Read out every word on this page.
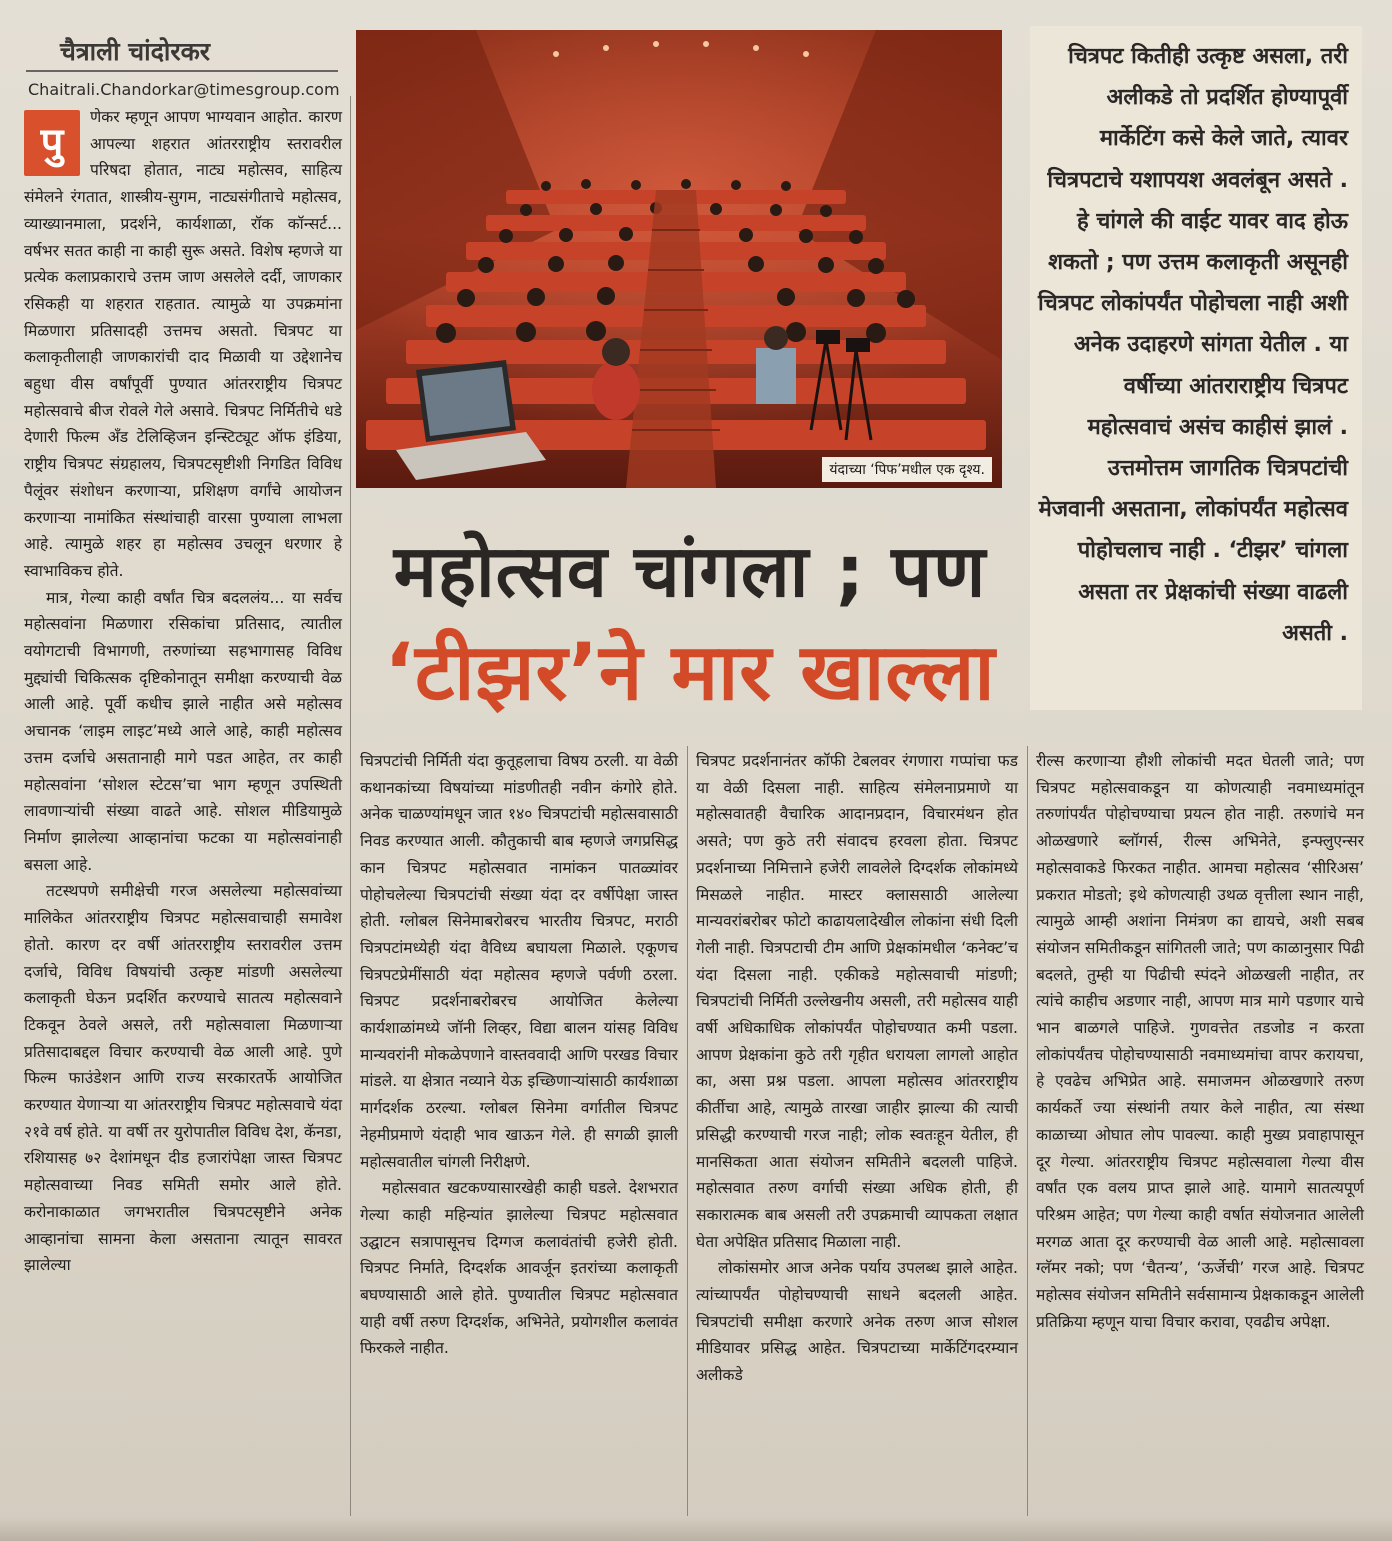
चैत्राली चांदोरकर
Chaitrali.Chandorkar@timesgroup.com
यंदाच्या ‘पिफ’मधील एक दृश्य.
चित्रपट कितीही उत्कृष्ट असला, तरी अलीकडे तो प्रदर्शित होण्यापूर्वी मार्केटिंग कसे केले जाते, त्यावर चित्रपटाचे यशापयश अवलंबून असते . हे चांगले की वाईट यावर वाद होऊ शकतो ; पण उत्तम कलाकृती असूनही चित्रपट लोकांपर्यंत पोहोचला नाही अशी अनेक उदाहरणे सांगता येतील . या वर्षीच्या आंतराराष्ट्रीय चित्रपट महोत्सवाचं असंच काहीसं झालं . उत्तमोत्तम जागतिक चित्रपटांची मेजवानी असताना, लोकांपर्यंत महोत्सव पोहोचलाच नाही . ‘टीझर’ चांगला असता तर प्रेक्षकांची संख्या वाढली असती .
महोत्सव चांगला ; पण
‘टीझर’ने मार खाल्ला

पु
णेकर म्हणून आपण भाग्यवान आहोत. कारण आपल्या शहरात आंतरराष्ट्रीय स्तरावरील परिषदा होतात, नाट्य महोत्सव, साहित्य संमेलने रंगतात, शास्त्रीय-सुगम, नाट्यसंगीताचे महोत्सव, व्याख्यानमाला, प्रदर्शने, कार्यशाळा, रॉक कॉन्सर्ट... वर्षभर सतत काही ना काही सुरू असते. विशेष म्हणजे या प्रत्येक कलाप्रकाराचे उत्तम जाण असलेले दर्दी, जाणकार रसिकही या शहरात राहतात. त्यामुळे या उपक्रमांना मिळणारा प्रतिसादही उत्तमच असतो. चित्रपट या कलाकृतीलाही जाणकारांची दाद मिळावी या उद्देशानेच बहुधा वीस वर्षांपूर्वी पुण्यात आंतरराष्ट्रीय चित्रपट महोत्सवाचे बीज रोवले गेले असावे. चित्रपट निर्मितीचे धडे देणारी फिल्म अँड टेलिव्हिजन इन्स्टिट्यूट ऑफ इंडिया, राष्ट्रीय चित्रपट संग्रहालय, चित्रपटसृष्टीशी निगडित विविध पैलूंवर संशोधन करणाऱ्या, प्रशिक्षण वर्गांचे आयोजन करणाऱ्या नामांकित संस्थांचाही वारसा पुण्याला लाभला आहे. त्यामुळे शहर हा महोत्सव उचलून धरणार हे स्वाभाविकच होते.

मात्र, गेल्या काही वर्षांत चित्र बदललंय... या सर्वच महोत्सवांना मिळणारा रसिकांचा प्रतिसाद, त्यातील वयोगटाची विभागणी, तरुणांच्या सहभागासह विविध मुद्द्यांची चिकित्सक दृष्टिकोनातून समीक्षा करण्याची वेळ आली आहे. पूर्वी कधीच झाले नाहीत असे महोत्सव अचानक ‘लाइम लाइट’मध्ये आले आहे, काही महोत्सव उत्तम दर्जाचे असतानाही मागे पडत आहेत, तर काही महोत्सवांना ‘सोशल स्टेटस’चा भाग म्हणून उपस्थिती लावणाऱ्यांची संख्या वाढते आहे. सोशल मीडियामुळे निर्माण झालेल्या आव्हानांचा फटका या महोत्सवांनाही बसला आहे.

तटस्थपणे समीक्षेची गरज असलेल्या महोत्सवांच्या मालिकेत आंतरराष्ट्रीय चित्रपट महोत्सवाचाही समावेश होतो. कारण दर वर्षी आंतरराष्ट्रीय स्तरावरील उत्तम दर्जाचे, विविध विषयांची उत्कृष्ट मांडणी असलेल्या कलाकृती घेऊन प्रदर्शित करण्याचे सातत्य महोत्सवाने टिकवून ठेवले असले, तरी महोत्सवाला मिळणाऱ्या प्रतिसादाबद्दल विचार करण्याची वेळ आली आहे. पुणे फिल्म फाउंडेशन आणि राज्य सरकारतर्फे आयोजित करण्यात येणाऱ्या या आंतरराष्ट्रीय चित्रपट महोत्सवाचे यंदा २१वे वर्ष होते. या वर्षी तर युरोपातील विविध देश, कॅनडा, रशियासह ७२ देशांमधून दीड हजारांपेक्षा जास्त चित्रपट महोत्सवाच्या निवड समिती समोर आले होते. करोनाकाळात जगभरातील चित्रपटसृष्टीने अनेक आव्हानांचा सामना केला असताना त्यातून सावरत झालेल्या

चित्रपटांची निर्मिती यंदा कुतूहलाचा विषय ठरली. या वेळी कथानकांच्या विषयांच्या मांडणीतही नवीन कंगोरे होते. अनेक चाळण्यांमधून जात १४० चित्रपटांची महोत्सवासाठी निवड करण्यात आली. कौतुकाची बाब म्हणजे जगप्रसिद्ध कान चित्रपट महोत्सवात नामांकन पातळ्यांवर पोहोचलेल्या चित्रपटांची संख्या यंदा दर वर्षीपेक्षा जास्त होती. ग्लोबल सिनेमाबरोबरच भारतीय चित्रपट, मराठी चित्रपटांमध्येही यंदा वैविध्य बघायला मिळाले. एकूणच चित्रपटप्रेमींसाठी यंदा महोत्सव म्हणजे पर्वणी ठरला. चित्रपट प्रदर्शनाबरोबरच आयोजित केलेल्या कार्यशाळांमध्ये जॉनी लिव्हर, विद्या बालन यांसह विविध मान्यवरांनी मोकळेपणाने वास्तववादी आणि परखड विचार मांडले. या क्षेत्रात नव्याने येऊ इच्छिणाऱ्यांसाठी कार्यशाळा मार्गदर्शक ठरल्या. ग्लोबल सिनेमा वर्गातील चित्रपट नेहमीप्रमाणे यंदाही भाव खाऊन गेले. ही सगळी झाली महोत्सवातील चांगली निरीक्षणे.

महोत्सवात खटकण्यासारखेही काही घडले. देशभरात गेल्या काही महिन्यांत झालेल्या चित्रपट महोत्सवात उद्घाटन सत्रापासूनच दिग्गज कलावंतांची हजेरी होती. चित्रपट निर्माते, दिग्दर्शक आवर्जून इतरांच्या कलाकृती बघण्यासाठी आले होते. पुण्यातील चित्रपट महोत्सवात याही वर्षी तरुण दिग्दर्शक, अभिनेते, प्रयोगशील कलावंत फिरकले नाहीत.

चित्रपट प्रदर्शनानंतर कॉफी टेबलवर रंगणारा गप्पांचा फड या वेळी दिसला नाही. साहित्य संमेलनाप्रमाणे या महोत्सवातही वैचारिक आदानप्रदान, विचारमंथन होत असते; पण कुठे तरी संवादच हरवला होता. चित्रपट प्रदर्शनाच्या निमित्ताने हजेरी लावलेले दिग्दर्शक लोकांमध्ये मिसळले नाहीत. मास्टर क्लाससाठी आलेल्या मान्यवरांबरोबर फोटो काढायलादेखील लोकांना संधी दिली गेली नाही. चित्रपटाची टीम आणि प्रेक्षकांमधील ‘कनेक्ट’च यंदा दिसला नाही. एकीकडे महोत्सवाची मांडणी; चित्रपटांची निर्मिती उल्लेखनीय असली, तरी महोत्सव याही वर्षी अधिकाधिक लोकांपर्यंत पोहोचण्यात कमी पडला. आपण प्रेक्षकांना कुठे तरी गृहीत धरायला लागलो आहोत का, असा प्रश्न पडला. आपला महोत्सव आंतरराष्ट्रीय कीर्तीचा आहे, त्यामुळे तारखा जाहीर झाल्या की त्याची प्रसिद्धी करण्याची गरज नाही; लोक स्वतःहून येतील, ही मानसिकता आता संयोजन समितीने बदलली पाहिजे. महोत्सवात तरुण वर्गाची संख्या अधिक होती, ही सकारात्मक बाब असली तरी उपक्रमाची व्यापकता लक्षात घेता अपेक्षित प्रतिसाद मिळाला नाही.

लोकांसमोर आज अनेक पर्याय उपलब्ध झाले आहेत. त्यांच्यापर्यंत पोहोचण्याची साधने बदलली आहेत. चित्रपटांची समीक्षा करणारे अनेक तरुण आज सोशल मीडियावर प्रसिद्ध आहेत. चित्रपटाच्या मार्केटिंगदरम्यान अलीकडे

रील्स करणाऱ्या हौशी लोकांची मदत घेतली जाते; पण चित्रपट महोत्सवाकडून या कोणत्याही नवमाध्यमांतून तरुणांपर्यंत पोहोचण्याचा प्रयत्न होत नाही. तरुणांचे मन ओळखणारे ब्लॉगर्स, रील्स अभिनेते, इन्फ्लुएन्सर महोत्सवाकडे फिरकत नाहीत. आमचा महोत्सव ‘सीरिअस’ प्रकरात मोडतो; इथे कोणत्याही उथळ वृत्तीला स्थान नाही, त्यामुळे आम्ही अशांना निमंत्रण का द्यायचे, अशी सबब संयोजन समितीकडून सांगितली जाते; पण काळानुसार पिढी बदलते, तुम्ही या पिढीची स्पंदने ओळखली नाहीत, तर त्यांचे काहीच अडणार नाही, आपण मात्र मागे पडणार याचे भान बाळगले पाहिजे. गुणवत्तेत तडजोड न करता लोकांपर्यंतच पोहोचण्यासाठी नवमाध्यमांचा वापर करायचा, हे एवढेच अभिप्रेत आहे. समाजमन ओळखणारे तरुण कार्यकर्ते ज्या संस्थांनी तयार केले नाहीत, त्या संस्था काळाच्या ओघात लोप पावल्या. काही मुख्य प्रवाहापासून दूर गेल्या. आंतरराष्ट्रीय चित्रपट महोत्सवाला गेल्या वीस वर्षांत एक वलय प्राप्त झाले आहे. यामागे सातत्यपूर्ण परिश्रम आहेत; पण गेल्या काही वर्षात संयोजनात आलेली मरगळ आता दूर करण्याची वेळ आली आहे. महोत्सावला ग्लॅमर नको; पण ‘चैतन्य’, ‘ऊर्जेची’ गरज आहे. चित्रपट महोत्सव संयोजन समितीने सर्वसामान्य प्रेक्षकाकडून आलेली प्रतिक्रिया म्हणून याचा विचार करावा, एवढीच अपेक्षा.
